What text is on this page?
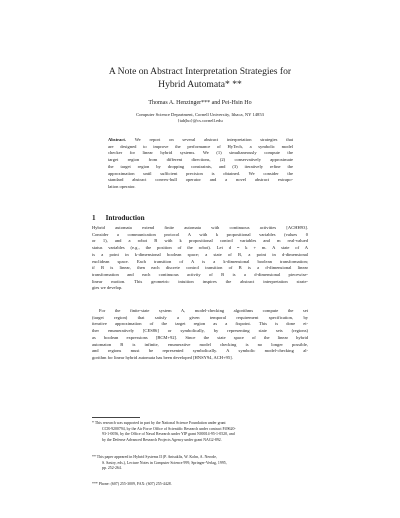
A Note on Abstract Interpretation Strategies for
Hybrid Automata* **
Thomas A. Henzinger*** and Pei-Hsin Ho
Computer Science Department, Cornell University, Ithaca, NY 14853
{tah|ho}@cs.cornell.edu
Abstract. We report on several abstract interpretation strategies that
are designed to improve the performance of HyTech, a symbolic model
checker for linear hybrid systems. We (1) simultaneously compute the
target region from different directions, (2) conservatively approximate
the target region by dropping constraints, and (3) iteratively refine the
approximation until sufficient precision is obtained. We consider the
standard abstract convex-hull operator and a novel abstract extrapo-
lation operator.
1 Introduction
Hybrid automata extend finite automata with continuous activities [ACHH93].
Consider a communication protocol A with k propositional variables (values 0
or 1), and a robot B with k propositional control variables and m real-valued
status variables (e.g., the position of the robot). Let d = k + m. A state of A
is a point in k-dimensional boolean space; a state of B, a point in d-dimensional
euclidean space. Each transition of A is a k-dimensional boolean transformation;
if B is linear, then each discrete control transition of B is a d-dimensional linear
transformation and each continuous activity of B is a d-dimensional piecewise-
linear motion. This geometric intuition inspires the abstract interpretation strate-
gies we develop.
For the finite-state system A, model-checking algorithms compute the set
(target region) that satisfy a given temporal requirement specification, by
iterative approximation of the target region as a fixpoint. This is done ei-
ther enumeratively [CES86] or symbolically, by representing state sets (regions)
as boolean expressions [BCM+92]. Since the state space of the linear hybrid
automaton B is infinite, enumerative model checking is no longer possible,
and regions must be represented symbolically. A symbolic model-checking al-
gorithm for linear hybrid automata has been developed [HNSY94, ACH+95].
* This research was supported in part by the National Science Foundation under grant
CCR-9200794, by the Air Force Office of Scientific Research under contract F49620-
93-1-0056, by the Office of Naval Research under YIP grant N00014-95-1-0520, and
by the Defense Advanced Research Projects Agency under grant NAG2-892.
** This paper appeared in Hybrid Systems II (P. Antsaklis, W. Kohn, A. Nerode,
S. Sastry, eds.), Lecture Notes in Computer Science 999, Springer-Verlag, 1995,
pp. 252-264.
*** Phone: (607) 255-3009, FAX: (607) 255-4428.
